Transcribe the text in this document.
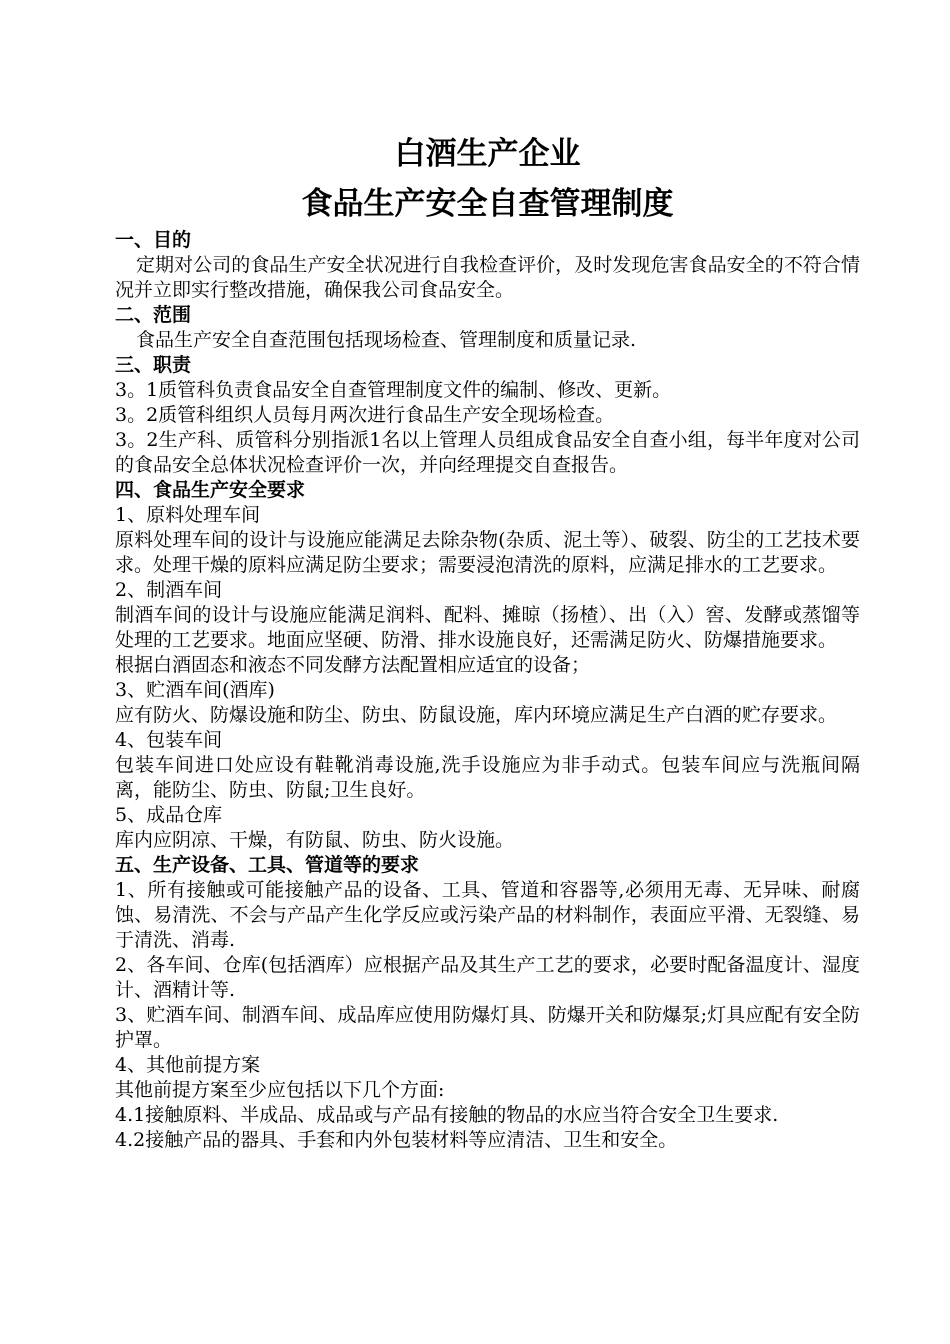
白酒生产企业
食品生产安全自查管理制度
一、目的
定期对公司的食品生产安全状况进行自我检查评价，及时发现危害食品安全的不符合情况并立即实行整改措施，确保我公司食品安全。
二、范围
食品生产安全自查范围包括现场检查、管理制度和质量记录.
三、职责
3。1质管科负责食品安全自查管理制度文件的编制、修改、更新。
3。2质管科组织人员每月两次进行食品生产安全现场检查。
3。2生产科、质管科分别指派1名以上管理人员组成食品安全自查小组，每半年度对公司的食品安全总体状况检查评价一次，并向经理提交自查报告。
四、食品生产安全要求
1、原料处理车间
原料处理车间的设计与设施应能满足去除杂物(杂质、泥土等）、破裂、防尘的工艺技术要求。处理干燥的原料应满足防尘要求；需要浸泡清洗的原料，应满足排水的工艺要求。
2、制酒车间
制酒车间的设计与设施应能满足润料、配料、摊晾（扬楂）、出（入）窖、发酵或蒸馏等处理的工艺要求。地面应坚硬、防滑、排水设施良好，还需满足防火、防爆措施要求。
根据白酒固态和液态不同发酵方法配置相应适宜的设备；
3、贮酒车间(酒库)
应有防火、防爆设施和防尘、防虫、防鼠设施，库内环境应满足生产白酒的贮存要求。
4、包装车间
包装车间进口处应设有鞋靴消毒设施,洗手设施应为非手动式。包装车间应与洗瓶间隔离，能防尘、防虫、防鼠;卫生良好。
5、成品仓库
库内应阴凉、干燥，有防鼠、防虫、防火设施。
五、生产设备、工具、管道等的要求
1、所有接触或可能接触产品的设备、工具、管道和容器等,必须用无毒、无异味、耐腐蚀、易清洗、不会与产品产生化学反应或污染产品的材料制作，表面应平滑、无裂缝、易于清洗、消毒.
2、各车间、仓库(包括酒库）应根据产品及其生产工艺的要求，必要时配备温度计、湿度计、酒精计等.
3、贮酒车间、制酒车间、成品库应使用防爆灯具、防爆开关和防爆泵;灯具应配有安全防护罩。
4、其他前提方案
其他前提方案至少应包括以下几个方面:
4.1接触原料、半成品、成品或与产品有接触的物品的水应当符合安全卫生要求.
4.2接触产品的器具、手套和内外包装材料等应清洁、卫生和安全。
